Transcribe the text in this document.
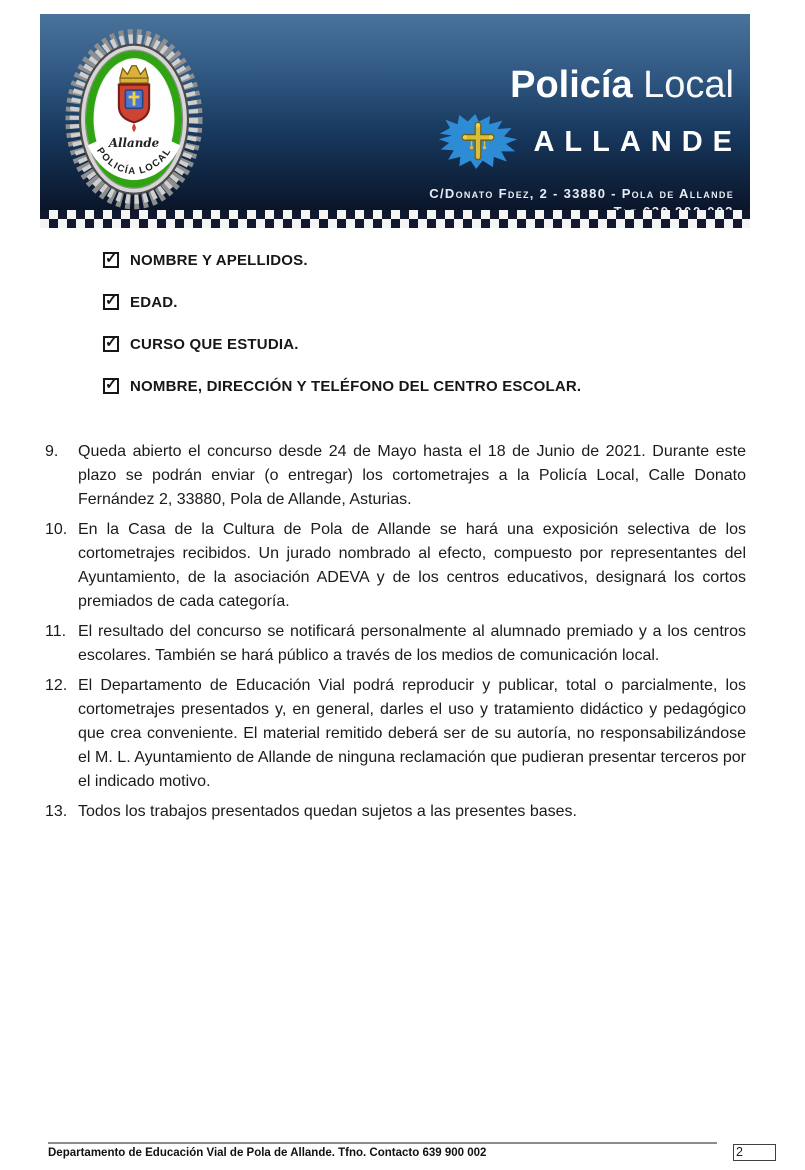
Allande
POLICÍA LOCAL
Policía Local
ALLANDE
C/Donato Fdez, 2 - 33880 - Pola de Allande
✓
NOMBRE Y APELLIDOS.
✓
EDAD.
✓
CURSO QUE ESTUDIA.
✓
NOMBRE, DIRECCIÓN Y TELÉFONO DEL CENTRO ESCOLAR.
9.	Queda abierto el concurso desde 24 de Mayo hasta el 18 de Junio de 2021. Durante este plazo se podrán enviar (o entregar) los cortometrajes a la Policía Local, Calle Donato Fernández 2, 33880, Pola de Allande, Asturias.
10. En la Casa de la Cultura de Pola de Allande se hará una exposición selectiva de los cortometrajes recibidos. Un jurado nombrado al efecto, compuesto por representantes del Ayuntamiento, de la asociación ADEVA y de los centros educativos, designará los cortos premiados de cada categoría.
11. El resultado del concurso se notificará personalmente al alumnado premiado y a los centros escolares. También se hará público a través de los medios de comunicación local.
12. El Departamento de Educación Vial podrá reproducir y publicar, total o parcialmente, los cortometrajes presentados y, en general, darles el uso y tratamiento didáctico y pedagógico que crea conveniente. El material remitido deberá ser de su autoría, no responsabilizándose el M. L. Ayuntamiento de Allande de ninguna reclamación que pudieran presentar terceros por el indicado motivo.
13. Todos los trabajos presentados quedan sujetos a las presentes bases.
Departamento de Educación Vial de Pola de Allande. Tfno. Contacto 639 900 002	2
